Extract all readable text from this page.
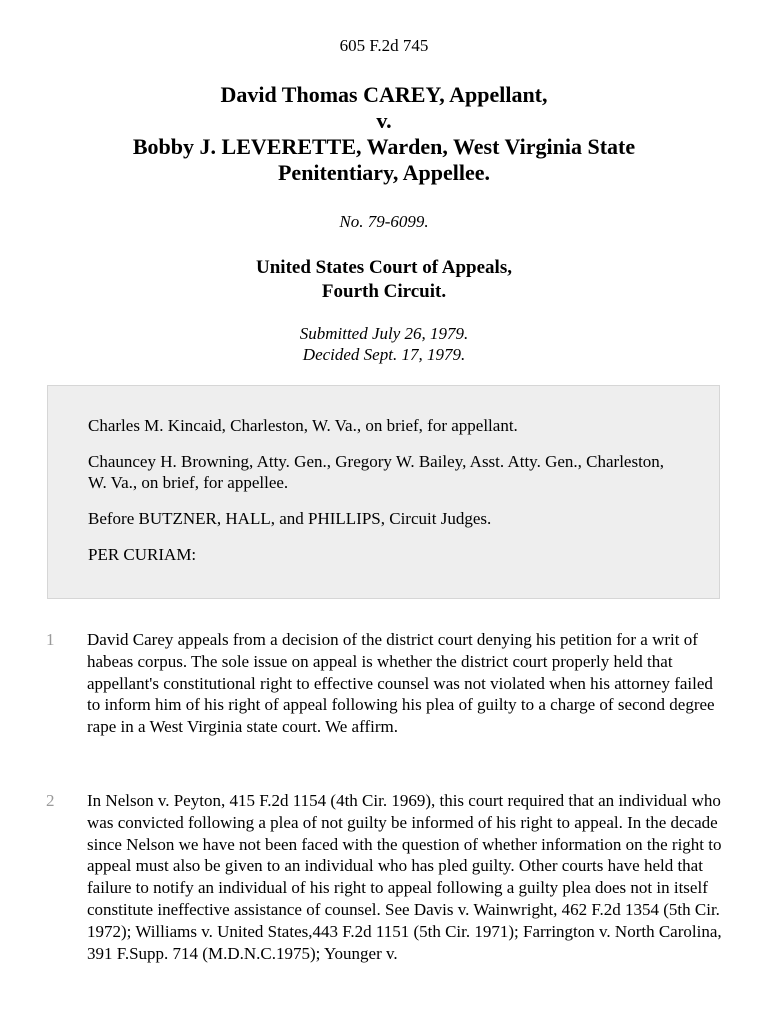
605 F.2d 745
David Thomas CAREY, Appellant,
v.
Bobby J. LEVERETTE, Warden, West Virginia State
Penitentiary, Appellee.
No. 79-6099.
United States Court of Appeals,
Fourth Circuit.
Submitted July 26, 1979.
Decided Sept. 17, 1979.

Charles M. Kincaid, Charleston, W. Va., on brief, for appellant.

Chauncey H. Browning, Atty. Gen., Gregory W. Bailey, Asst. Atty. Gen., Charleston, W. Va., on brief, for appellee.

Before BUTZNER, HALL, and PHILLIPS, Circuit Judges.

PER CURIAM:

1 David Carey appeals from a decision of the district court denying his petition for a writ of habeas corpus. The sole issue on appeal is whether the district court properly held that appellant's constitutional right to effective counsel was not violated when his attorney failed to inform him of his right of appeal following his plea of guilty to a charge of second degree rape in a West Virginia state court. We affirm.
2 In Nelson v. Peyton, 415 F.2d 1154 (4th Cir. 1969), this court required that an individual who was convicted following a plea of not guilty be informed of his right to appeal. In the decade since Nelson we have not been faced with the question of whether information on the right to appeal must also be given to an individual who has pled guilty. Other courts have held that failure to notify an individual of his right to appeal following a guilty plea does not in itself constitute ineffective assistance of counsel. See Davis v. Wainwright, 462 F.2d 1354 (5th Cir. 1972); Williams v. United States,443 F.2d 1151 (5th Cir. 1971); Farrington v. North Carolina, 391 F.Supp. 714 (M.D.N.C.1975); Younger v.
